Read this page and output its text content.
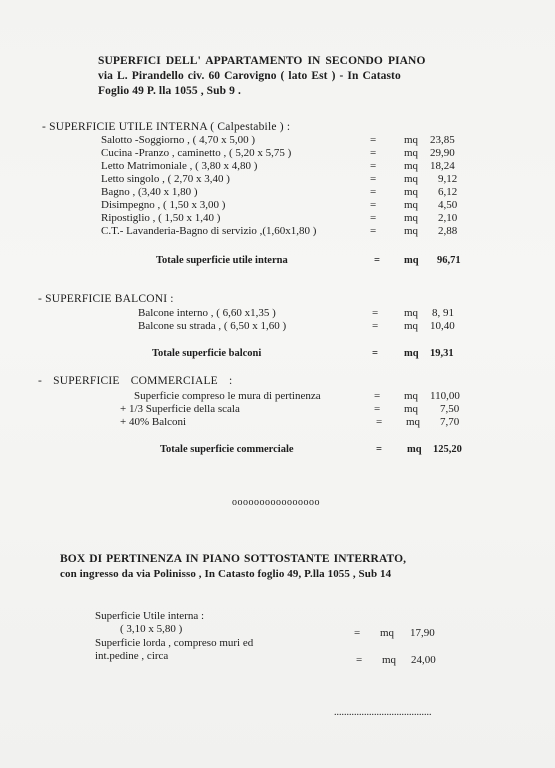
SUPERFICI DELL' APPARTAMENTO IN SECONDO PIANO
via L. Pirandello civ. 60 Carovigno ( lato Est ) - In Catasto
Foglio 49 P. lla 1055 , Sub 9 .
- SUPERFICIE UTILE INTERNA ( Calpestabile ) :
Salotto -Soggiorno , ( 4,70 x 5,00 )	=	mq 23,85
Cucina -Pranzo , caminetto , ( 5,20 x 5,75 )	=	mq 29,90
Letto Matrimoniale , ( 3,80 x 4,80 )	=	mq 18,24
Letto singolo , ( 2,70 x 3,40 )	=	mq 9,12
Bagno , (3,40 x 1,80 )	=	mq 6,12
Disimpegno , ( 1,50 x 3,00 )	=	mq 4,50
Ripostiglio , ( 1,50 x 1,40 )	=	mq 2,10
C.T.- Lavanderia-Bagno di servizio ,(1,60x1,80 )	=	mq 2,88
Totale superficie utile interna	= mq 96,71
- SUPERFICIE BALCONI :
Balcone interno , ( 6,60 x1,35 )	= mq 8, 91
Balcone su strada , ( 6,50 x 1,60 )	= mq 10,40
Totale superficie balconi	= mq 19,31
- SUPERFICIE COMMERCIALE :
Superficie compreso le mura di pertinenza	= mq 110,00
+ 1/3 Superficie della scala	= mq 7,50
+ 40% Balconi	= mq 7,70
Totale superficie commerciale	= mq 125,20
oooooooooooooooo
BOX DI PERTINENZA IN PIANO SOTTOSTANTE INTERRATO,
con ingresso da via Polinisso , In Catasto foglio 49, P.lla 1055 , Sub 14
Superficie Utile interna :
( 3,10 x 5,80 )	= mq 17,90
Superficie lorda , compreso muri ed
int.pedine , circa	= mq 24,00
.......................................
